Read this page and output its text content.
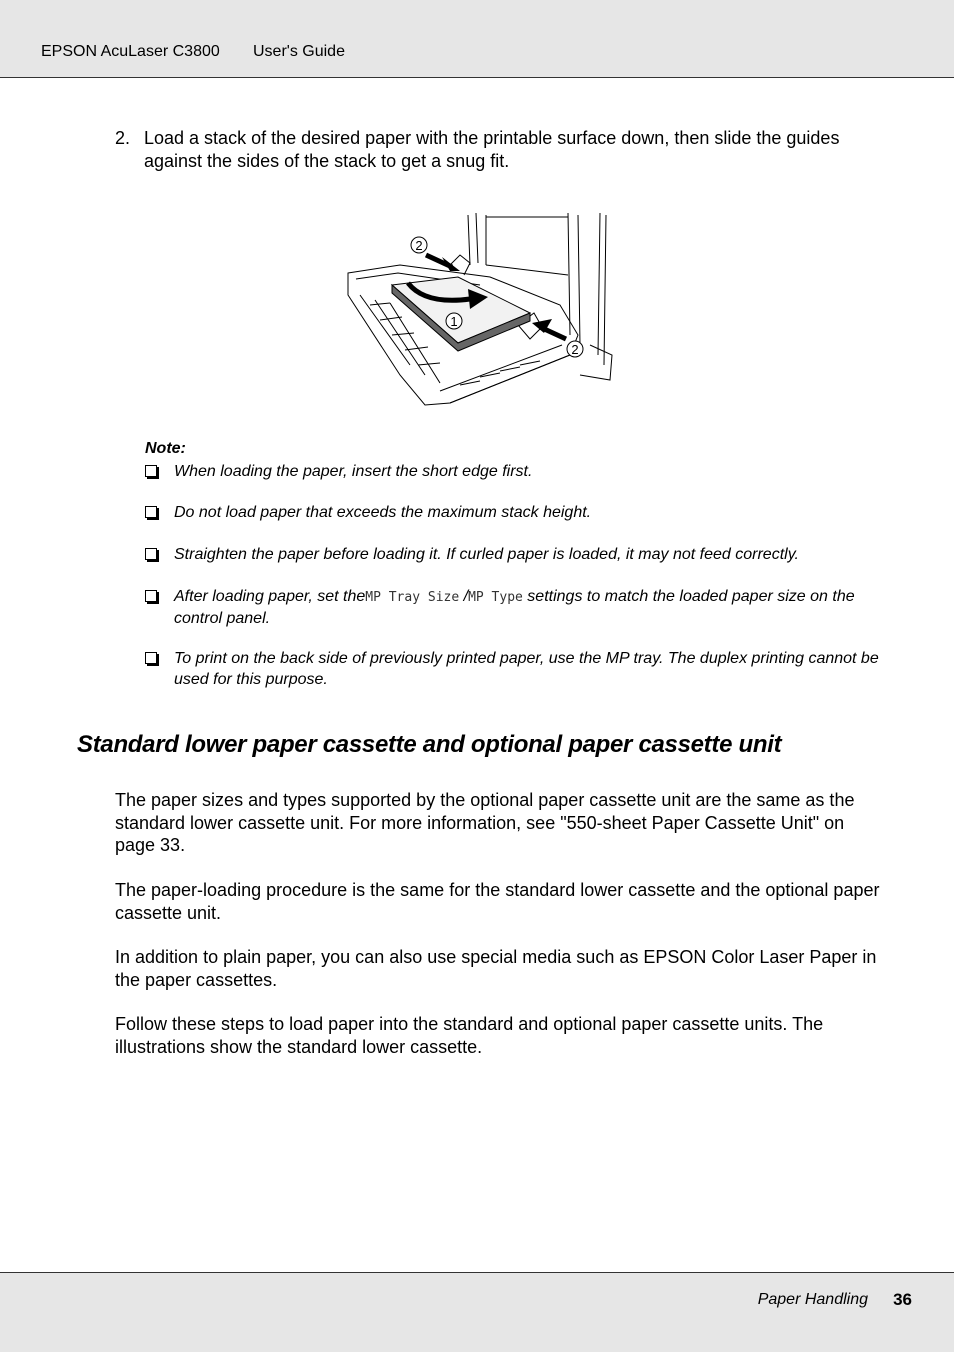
EPSON AcuLaser C3800 User's Guide
2. Load a stack of the desired paper with the printable surface down, then slide the guides against the sides of the stack to get a snug fit.
2
1
2
Note:
When loading the paper, insert the short edge first.
Do not load paper that exceeds the maximum stack height.
Straighten the paper before loading it. If curled paper is loaded, it may not feed correctly.
After loading paper, set theMP Tray Size /MP Type settings to match the loaded paper size on the control panel.
To print on the back side of previously printed paper, use the MP tray. The duplex printing cannot be used for this purpose.
Standard lower paper cassette and optional paper cassette unit
The paper sizes and types supported by the optional paper cassette unit are the same as the standard lower cassette unit. For more information, see "550-sheet Paper Cassette Unit" on page 33.
The paper-loading procedure is the same for the standard lower cassette and the optional paper cassette unit.
In addition to plain paper, you can also use special media such as EPSON Color Laser Paper in the paper cassettes.
Follow these steps to load paper into the standard and optional paper cassette units. The illustrations show the standard lower cassette.
Paper Handling 36
